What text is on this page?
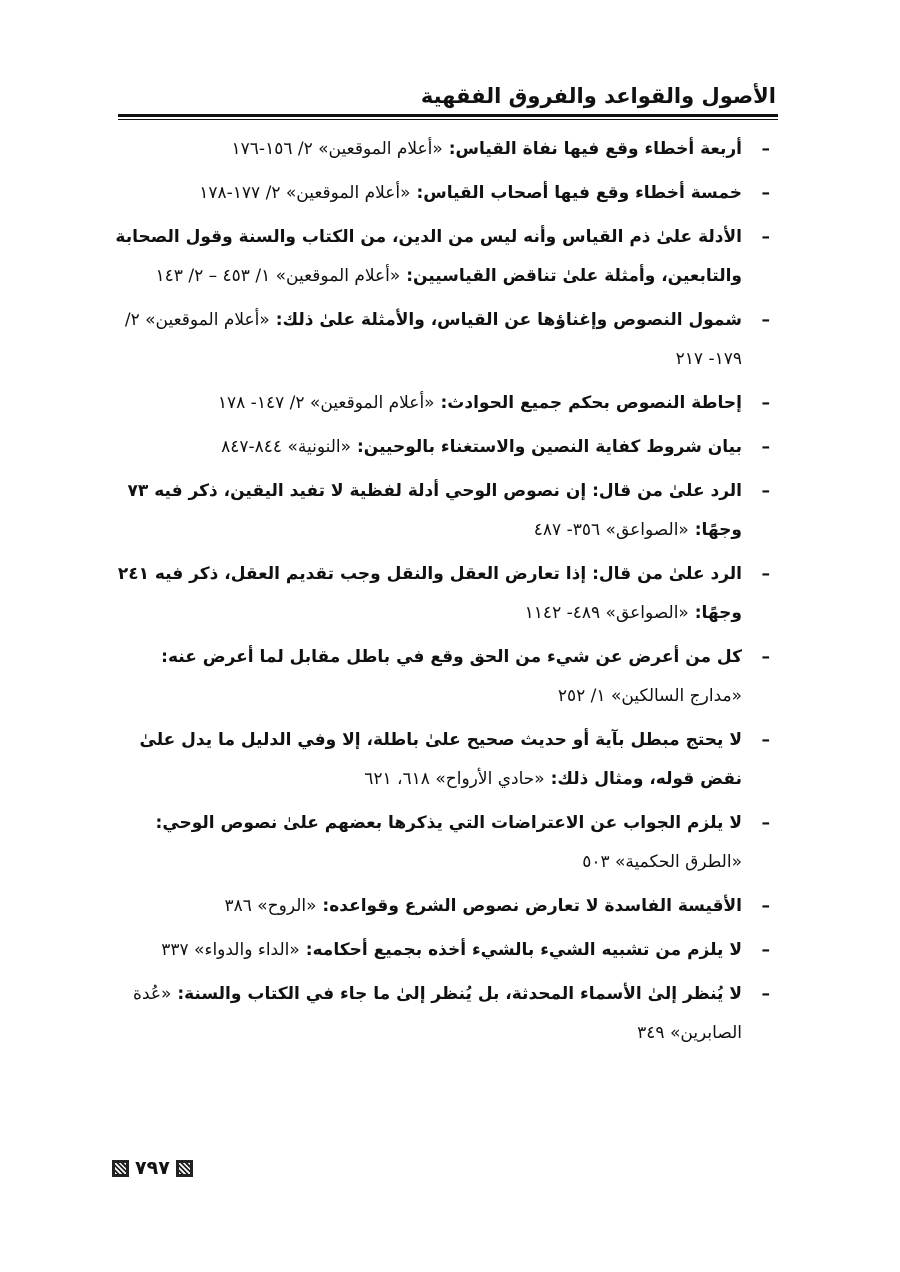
الأصول والقواعد والفروق الفقهية
–
أربعة أخطاء وقع فيها نفاة القياس: «أعلام الموقعين» ٢/ ١٥٦-١٧٦
–
خمسة أخطاء وقع فيها أصحاب القياس: «أعلام الموقعين» ٢/ ١٧٧-١٧٨
–
الأدلة علىٰ ذم القياس وأنه ليس من الدين، من الكتاب والسنة وقول الصحابة والتابعين، وأمثلة علىٰ تناقض القياسيين: «أعلام الموقعين» ١/ ٤٥٣ – ٢/ ١٤٣
–
شمول النصوص وإغناؤها عن القياس، والأمثلة علىٰ ذلك: «أعلام الموقعين» ٢/ ١٧٩- ٢١٧
–
إحاطة النصوص بحكم جميع الحوادث: «أعلام الموقعين» ٢/ ١٤٧- ١٧٨
–
بيان شروط كفاية النصين والاستغناء بالوحيين: «النونية» ٨٤٤-٨٤٧
–
الرد علىٰ من قال: إن نصوص الوحي أدلة لفظية لا تفيد اليقين، ذكر فيه ٧٣ وجهًا: «الصواعق» ٣٥٦- ٤٨٧
–
الرد علىٰ من قال: إذا تعارض العقل والنقل وجب تقديم العقل، ذكر فيه ٢٤١ وجهًا: «الصواعق» ٤٨٩- ١١٤٢
–
كل من أعرض عن شيء من الحق وقع في باطل مقابل لما أعرض عنه: «مدارج السالكين» ١/ ٢٥٢
–
لا يحتج مبطل بآية أو حديث صحيح علىٰ باطلة، إلا وفي الدليل ما يدل علىٰ نقض قوله، ومثال ذلك: «حادي الأرواح» ٦١٨، ٦٢١
–
لا يلزم الجواب عن الاعتراضات التي يذكرها بعضهم علىٰ نصوص الوحي: «الطرق الحكمية» ٥٠٣
–
الأقيسة الفاسدة لا تعارض نصوص الشرع وقواعده: «الروح» ٣٨٦
–
لا يلزم من تشبيه الشيء بالشيء أخذه بجميع أحكامه: «الداء والدواء» ٣٣٧
–
لا يُنظر إلىٰ الأسماء المحدثة، بل يُنظر إلىٰ ما جاء في الكتاب والسنة: «عُدة الصابرين» ٣٤٩
٧٩٧
